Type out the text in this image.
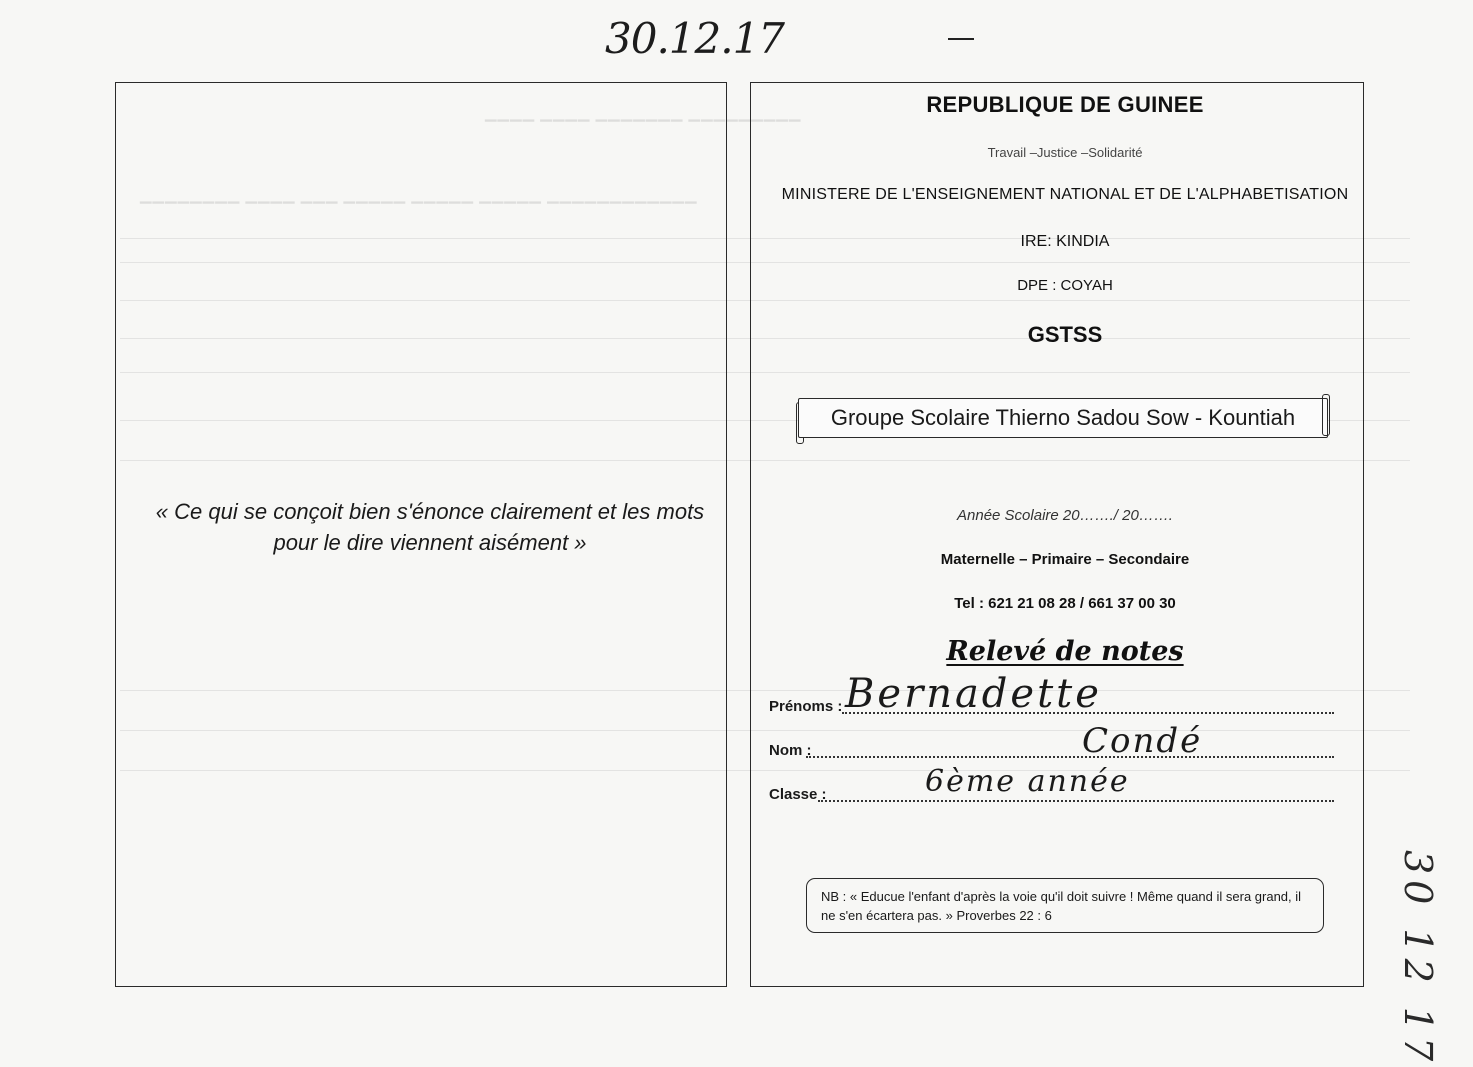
▁▁▁▁ ▁▁▁▁ ▁▁▁▁▁▁▁ ▁▁▁▁▁▁▁▁▁
▁▁▁▁▁▁▁▁ ▁▁▁▁ ▁▁▁ ▁▁▁▁▁ ▁▁▁▁▁ ▁▁▁▁▁ ▁▁▁▁▁▁▁▁▁▁▁▁
30.12.17
30 12 17
« Ce qui se conçoit bien s'énonce clairement et les mots pour le dire viennent aisément »
REPUBLIQUE DE GUINEE
Travail –Justice –Solidarité
MINISTERE DE L'ENSEIGNEMENT NATIONAL ET DE L'ALPHABETISATION
IRE: KINDIA
DPE : COYAH
GSTSS
Groupe Scolaire Thierno Sadou Sow - Kountiah
Année Scolaire 20……./ 20…….
Maternelle – Primaire – Secondaire
Tel : 621 21 08 28 / 661 37 00 30
Relevé de notes
Prénoms : Bernadette
Nom :	Condé
Classe :	6ème année
NB : « Educue l'enfant d'après la voie qu'il doit suivre ! Même quand il sera grand, il ne s'en écartera pas. » Proverbes 22 : 6
